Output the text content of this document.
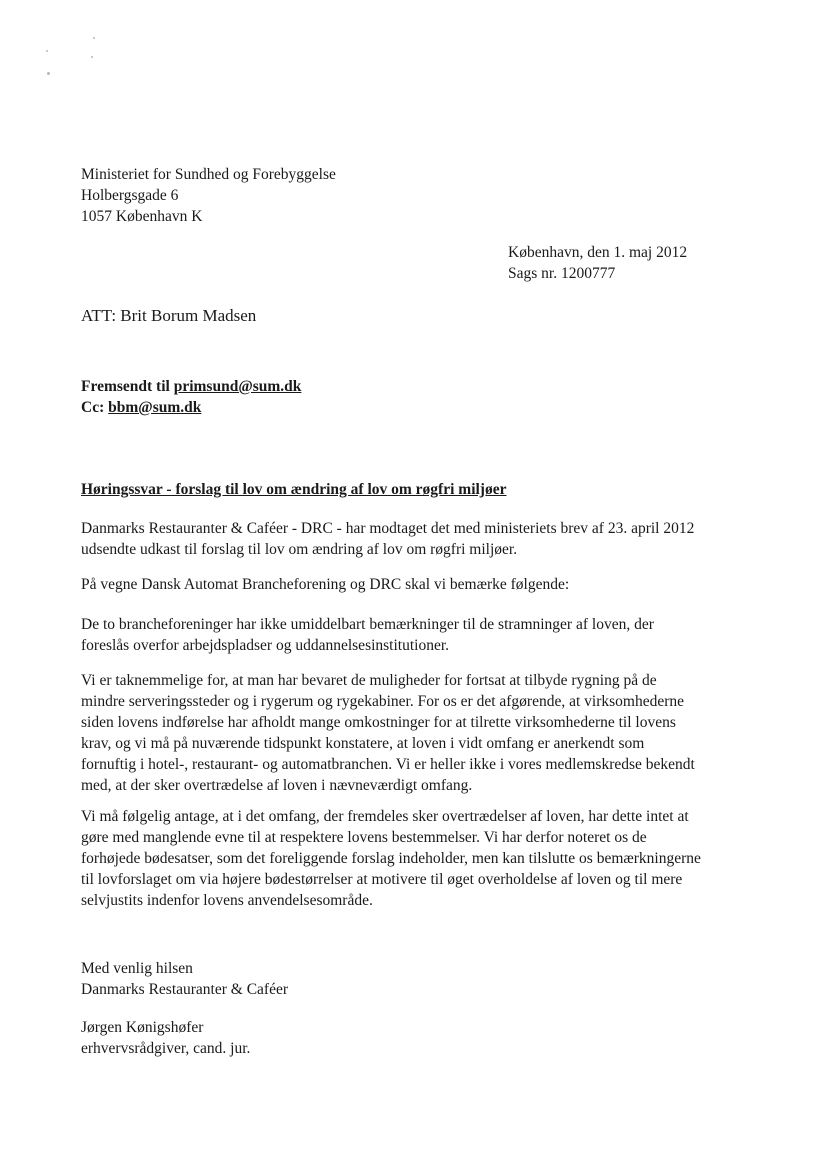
Ministeriet for Sundhed og Forebyggelse
Holbergsgade 6
1057 København K
København, den 1. maj 2012
Sags nr. 1200777
ATT: Brit Borum Madsen
Fremsendt til primsund@sum.dk
Cc: bbm@sum.dk
Høringssvar - forslag til lov om ændring af lov om røgfri miljøer
Danmarks Restauranter & Caféer - DRC - har modtaget det med ministeriets brev af 23. april 2012
udsendte udkast til forslag til lov om ændring af lov om røgfri miljøer.
På vegne Dansk Automat Brancheforening og DRC skal vi bemærke følgende:
De to brancheforeninger har ikke umiddelbart bemærkninger til de stramninger af loven, der
foreslås overfor arbejdspladser og uddannelsesinstitutioner.
Vi er taknemmelige for, at man har bevaret de muligheder for fortsat at tilbyde rygning på de
mindre serveringssteder og i rygerum og rygekabiner. For os er det afgørende, at virksomhederne
siden lovens indførelse har afholdt mange omkostninger for at tilrette virksomhederne til lovens
krav, og vi må på nuværende tidspunkt konstatere, at loven i vidt omfang er anerkendt som
fornuftig i hotel-, restaurant- og automatbranchen. Vi er heller ikke i vores medlemskredse bekendt
med, at der sker overtrædelse af loven i nævneværdigt omfang.
Vi må følgelig antage, at i det omfang, der fremdeles sker overtrædelser af loven, har dette intet at
gøre med manglende evne til at respektere lovens bestemmelser. Vi har derfor noteret os de
forhøjede bødesatser, som det foreliggende forslag indeholder, men kan tilslutte os bemærkningerne
til lovforslaget om via højere bødestørrelser at motivere til øget overholdelse af loven og til mere
selvjustits indenfor lovens anvendelsesområde.
Med venlig hilsen
Danmarks Restauranter & Caféer
Jørgen Kønigshøfer
erhvervsrådgiver, cand. jur.
